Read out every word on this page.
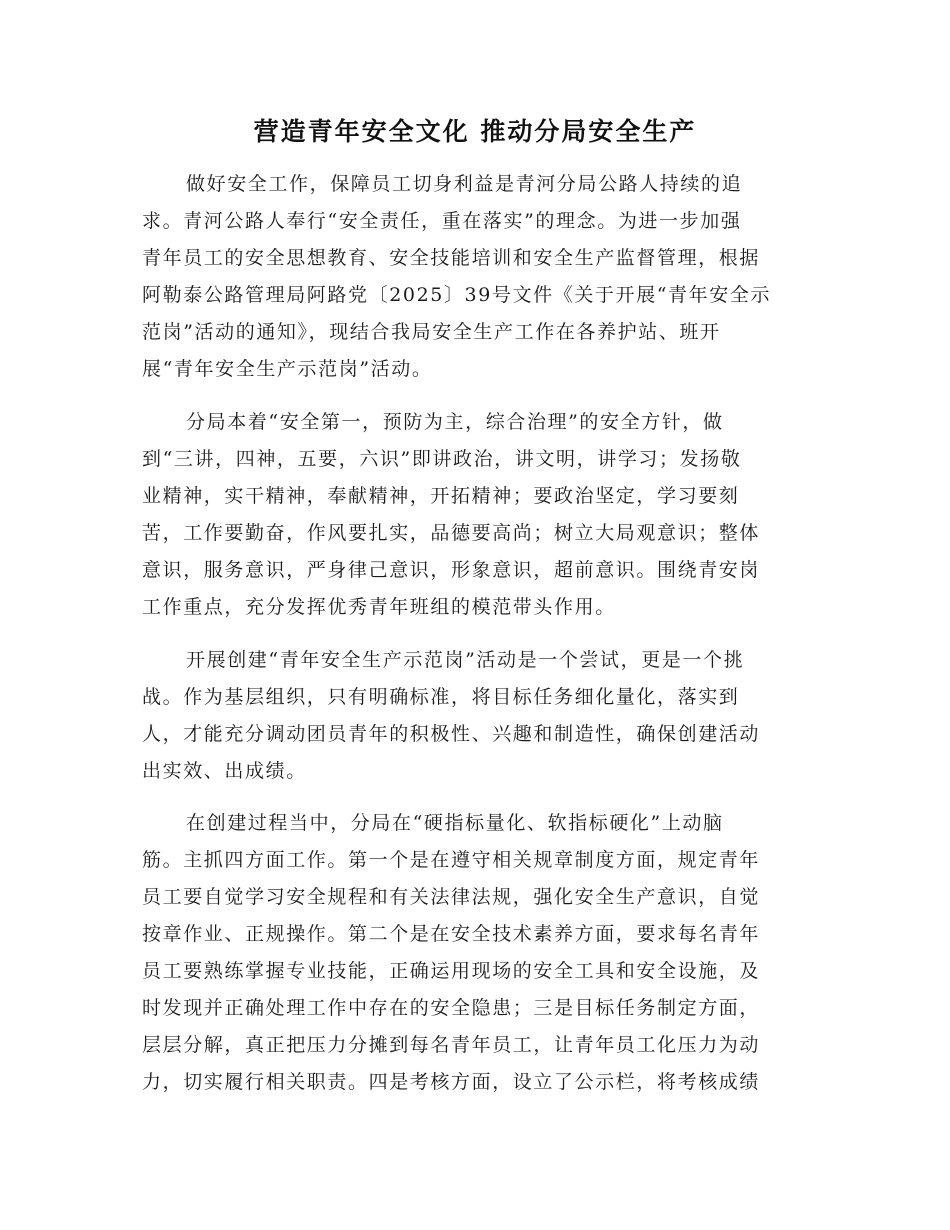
营造青年安全文化 推动分局安全生产
做好安全工作，保障员工切身利益是青河分局公路人持续的追
求。青河公路人奉行“安全责任，重在落实”的理念。为进一步加强
青年员工的安全思想教育、安全技能培训和安全生产监督管理，根据
阿勒泰公路管理局阿路党〔2025〕39号文件《关于开展“青年安全示
范岗”活动的通知》，现结合我局安全生产工作在各养护站、班开
展“青年安全生产示范岗”活动。
分局本着“安全第一，预防为主，综合治理”的安全方针，做
到“三讲，四神，五要，六识”即讲政治，讲文明，讲学习；发扬敬
业精神，实干精神，奉献精神，开拓精神；要政治坚定，学习要刻
苦，工作要勤奋，作风要扎实，品德要高尚；树立大局观意识；整体
意识，服务意识，严身律己意识，形象意识，超前意识。围绕青安岗
工作重点，充分发挥优秀青年班组的模范带头作用。
开展创建“青年安全生产示范岗”活动是一个尝试，更是一个挑
战。作为基层组织，只有明确标准，将目标任务细化量化，落实到
人，才能充分调动团员青年的积极性、兴趣和制造性，确保创建活动
出实效、出成绩。
在创建过程当中，分局在“硬指标量化、软指标硬化”上动脑
筋。主抓四方面工作。第一个是在遵守相关规章制度方面，规定青年
员工要自觉学习安全规程和有关法律法规，强化安全生产意识，自觉
按章作业、正规操作。第二个是在安全技术素养方面，要求每名青年
员工要熟练掌握专业技能，正确运用现场的安全工具和安全设施，及
时发现并正确处理工作中存在的安全隐患；三是目标任务制定方面，
层层分解，真正把压力分摊到每名青年员工，让青年员工化压力为动
力，切实履行相关职责。四是考核方面，设立了公示栏，将考核成绩
